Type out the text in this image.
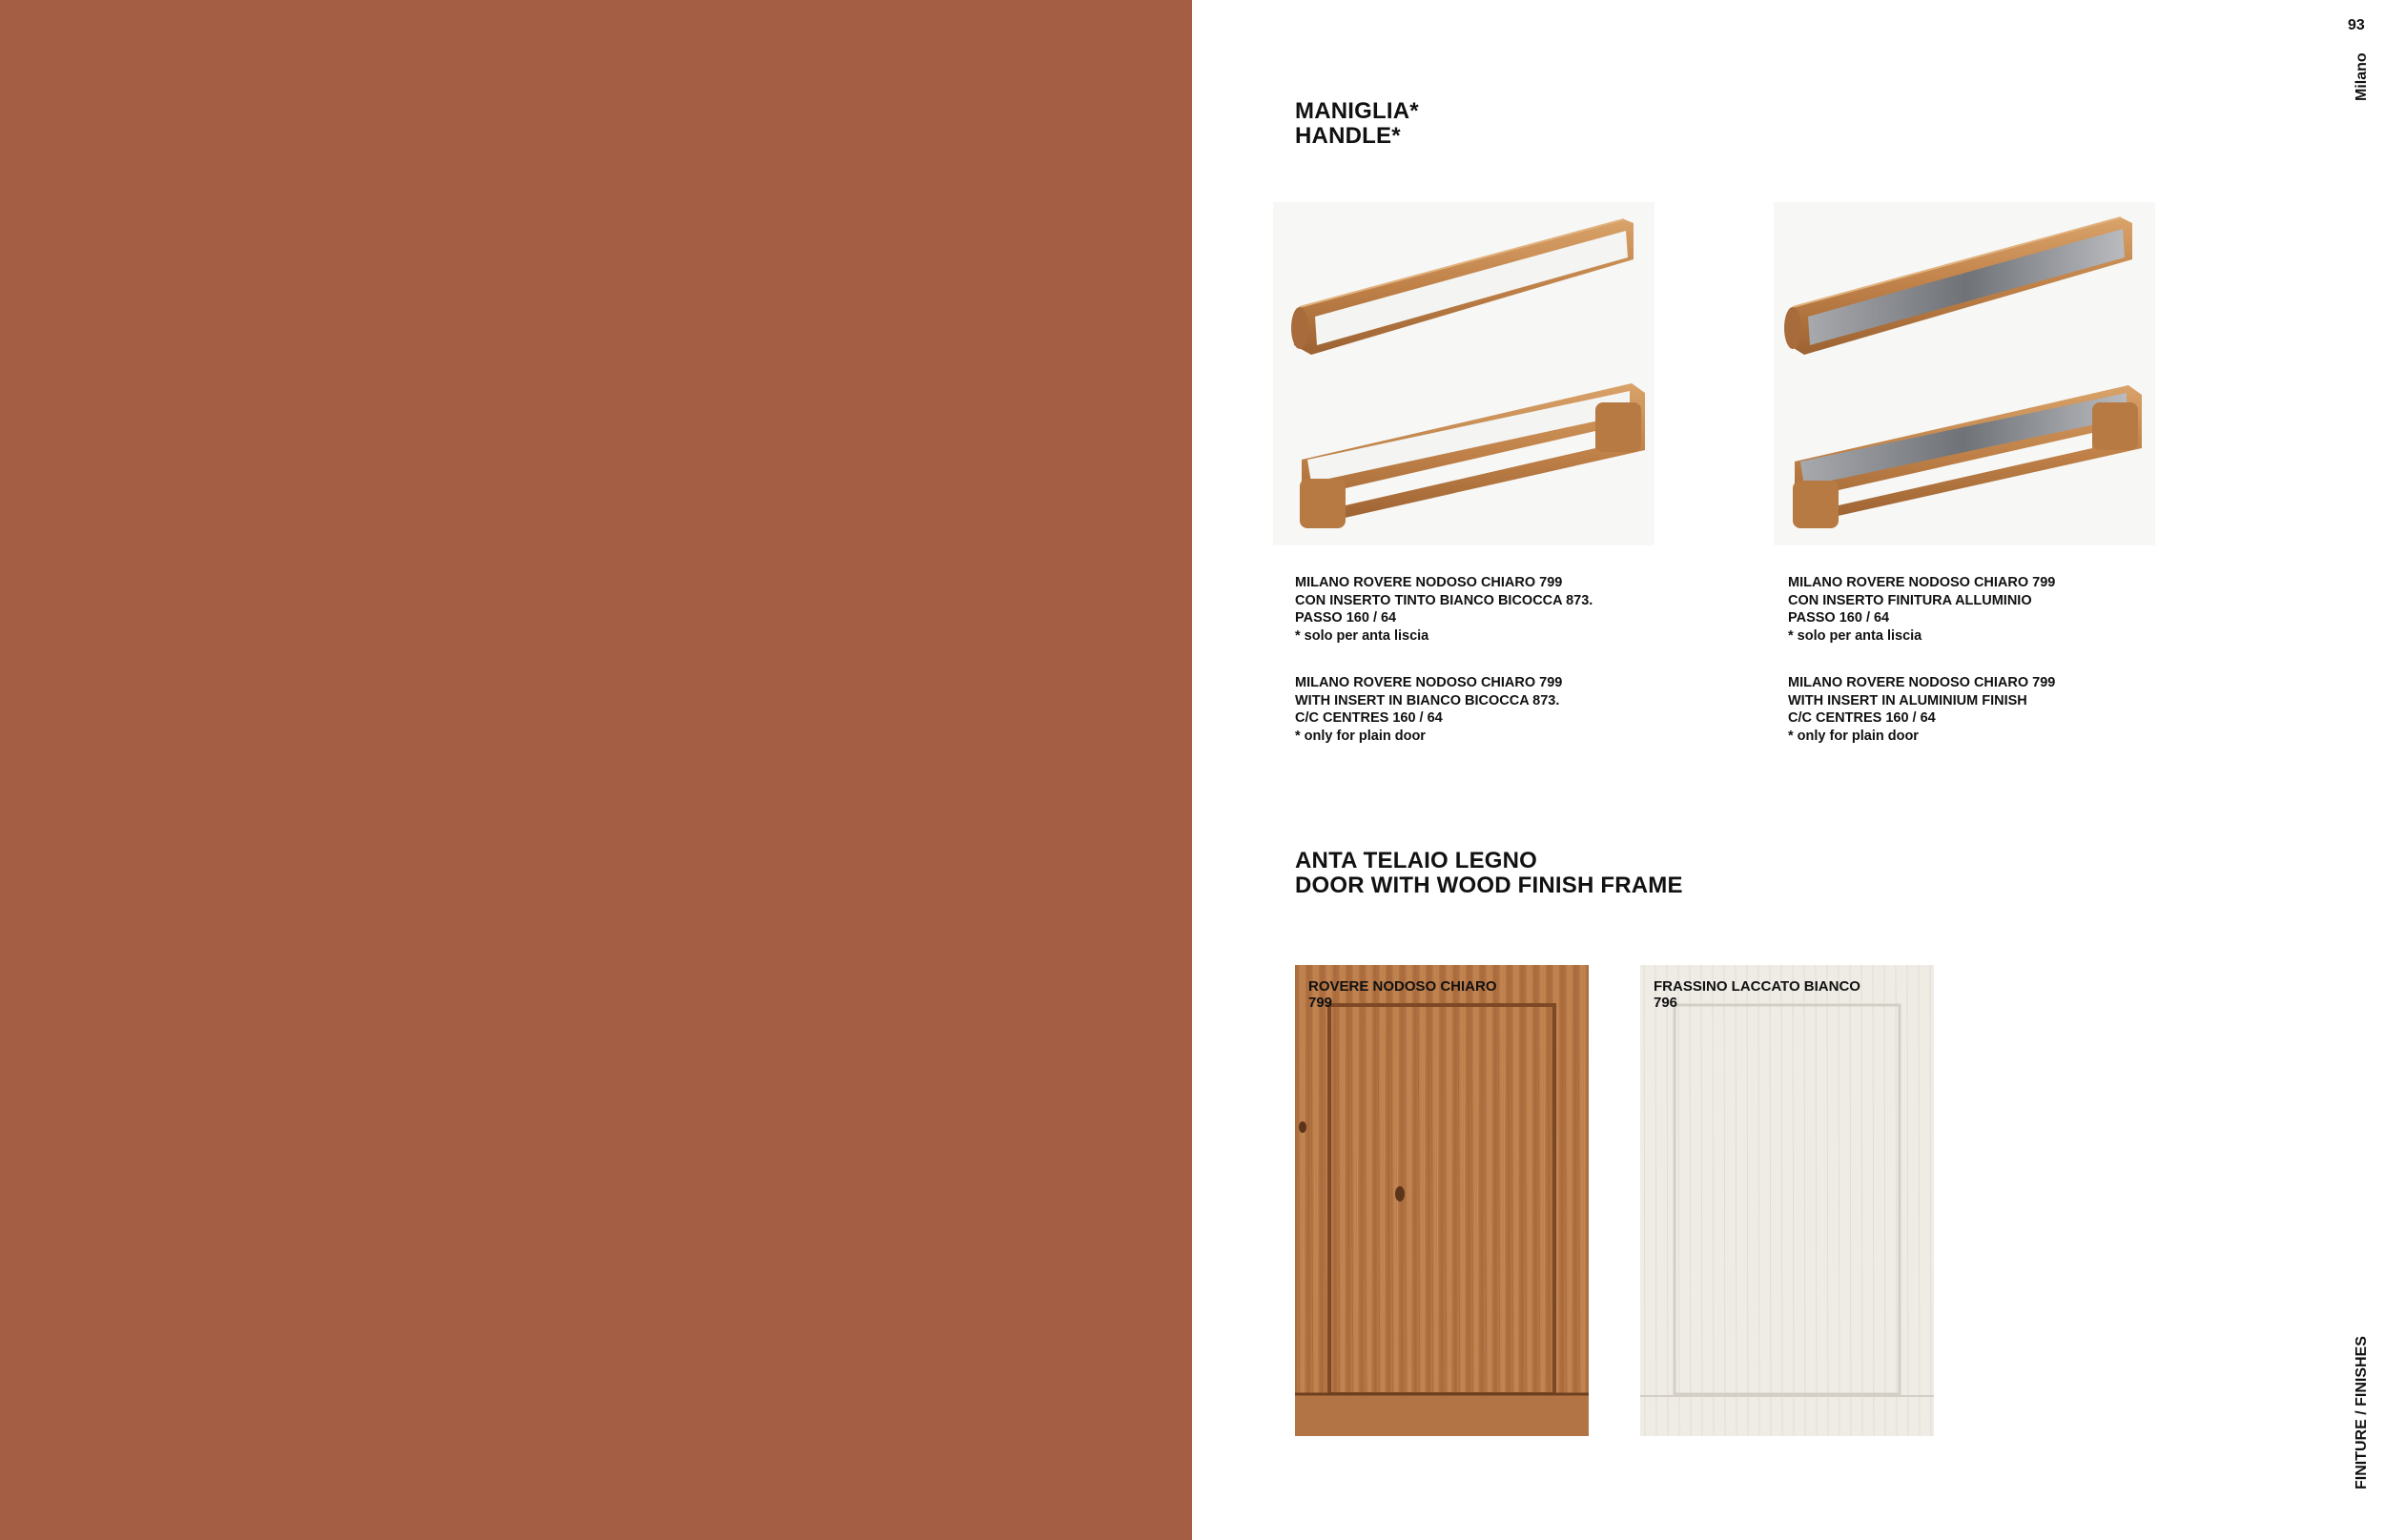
93
Milano
FINITURE / FINISHES
MANIGLIA*
HANDLE*
MILANO ROVERE NODOSO CHIARO 799
CON INSERTO TINTO BIANCO BICOCCA 873.
PASSO 160 / 64
* solo per anta liscia
MILANO ROVERE NODOSO CHIARO 799
WITH INSERT IN BIANCO BICOCCA 873.
C/C CENTRES 160 / 64
* only for plain door
MILANO ROVERE NODOSO CHIARO 799
CON INSERTO FINITURA ALLUMINIO
PASSO 160 / 64
* solo per anta liscia
MILANO ROVERE NODOSO CHIARO 799
WITH INSERT IN ALUMINIUM FINISH
C/C CENTRES 160 / 64
* only for plain door
ANTA TELAIO LEGNO
DOOR WITH WOOD FINISH FRAME
ROVERE NODOSO CHIARO
799
FRASSINO LACCATO BIANCO
796
